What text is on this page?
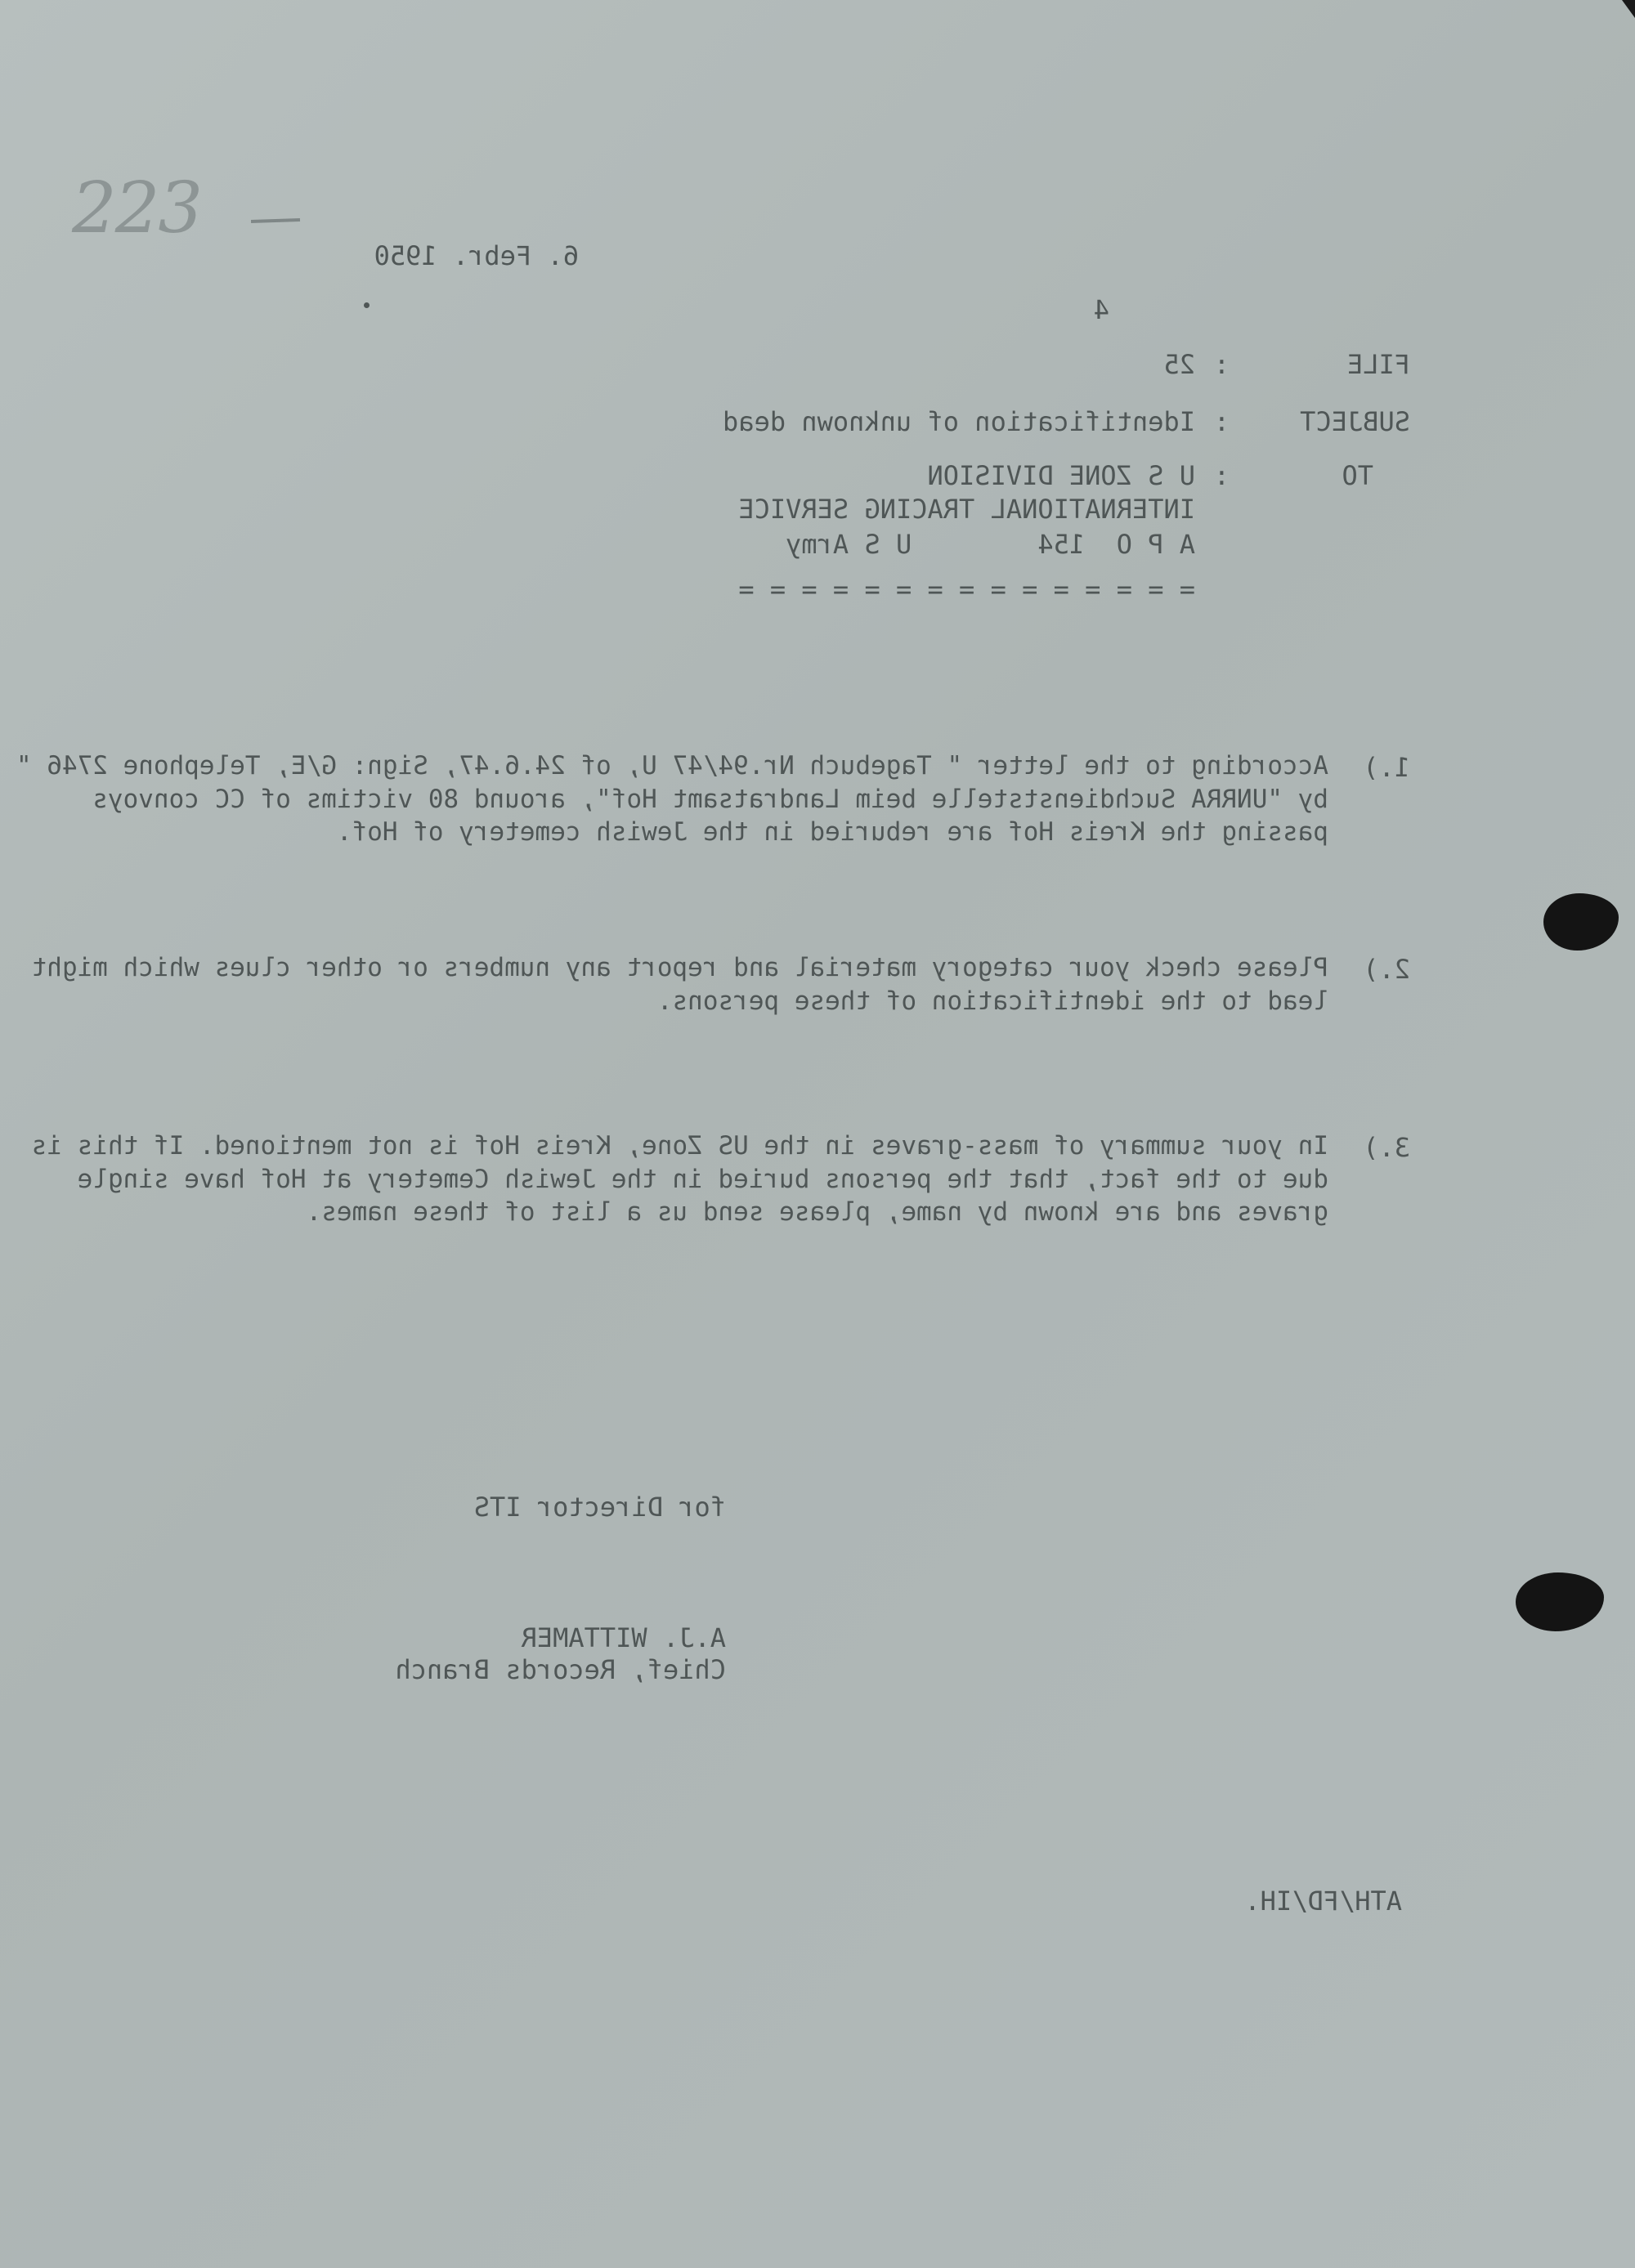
223

6. Febr. 1950

4

FILE

:

25

SUBJECT

:

Identification of unknown dead

TO

:

U S ZONE DIVISION

INTERNATIONAL TRACING SERVICE

A P O  154        U S Army

= = = = = = = = = = = = = = =

1.)

According to the letter " Tagebuch Nr.94/47 U, of 24.6.47, Sign: G/E, Telephone 2746 " by "UNRRA Suchdienststelle beim Landratsamt Hof", around 80 victims of CC convoys passing the Kreis Hof are reburied in the Jewish cemetery of Hof.

2.)

Please check your category material and report any numbers or other clues which might lead to the identification of these persons.

3.)

In your summary of mass-graves in the US Zone, Kreis Hof is not mentioned. If this is due to the fact, that the persons buried in the Jewish Cemetery at Hof have single graves and are known by name, please send us a list of these names.

for Director ITS

A.J. WITTAMER

Chief, Records Branch

ATH/FD/IH.
